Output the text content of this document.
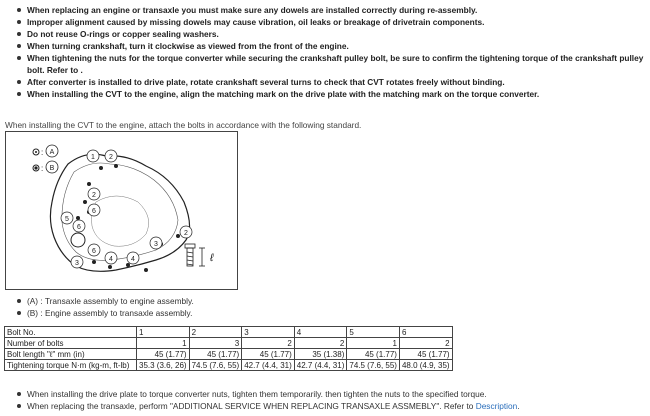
When replacing an engine or transaxle you must make sure any dowels are installed correctly during re-assembly.
Improper alignment caused by missing dowels may cause vibration, oil leaks or breakage of drivetrain components.
Do not reuse O-rings or copper sealing washers.
When turning crankshaft, turn it clockwise as viewed from the front of the engine.
When tightening the nuts for the torque converter while securing the crankshaft pulley bolt, be sure to confirm the tightening torque of the crankshaft pulley bolt. Refer to .
After converter is installed to drive plate, rotate crankshaft several turns to check that CVT rotates freely without binding.
When installing the CVT to the engine, align the matching mark on the drive plate with the matching mark on the torque converter.
When installing the CVT to the engine, attach the bolts in accordance with the following standard.
: A
: B
1 2
2
6
5
6
2
3
4	4
3
6
ℓ
(A) : Transaxle assembly to engine assembly.
(B) : Engine assembly to transaxle assembly.
Bolt No.	1	2	3	4	5	6
Number of bolts	1	3	2	2	1	2
Bolt length "ℓ" mm (in)	45 (1.77)	45 (1.77)	45 (1.77)	35 (1.38)	45 (1.77)	45 (1.77)
Tightening torque N·m (kg-m, ft-lb)	35.3 (3.6, 26)	74.5 (7.6, 55)	42.7 (4.4, 31)	42.7 (4.4, 31)	74.5 (7.6, 55)	48.0 (4.9, 35)
When installing the drive plate to torque converter nuts, tighten them temporarily. then tighten the nuts to the specified torque.
When replacing the transaxle, perform "ADDITIONAL SERVICE WHEN REPLACING TRANSAXLE ASSMEBLY". Refer to Description.
